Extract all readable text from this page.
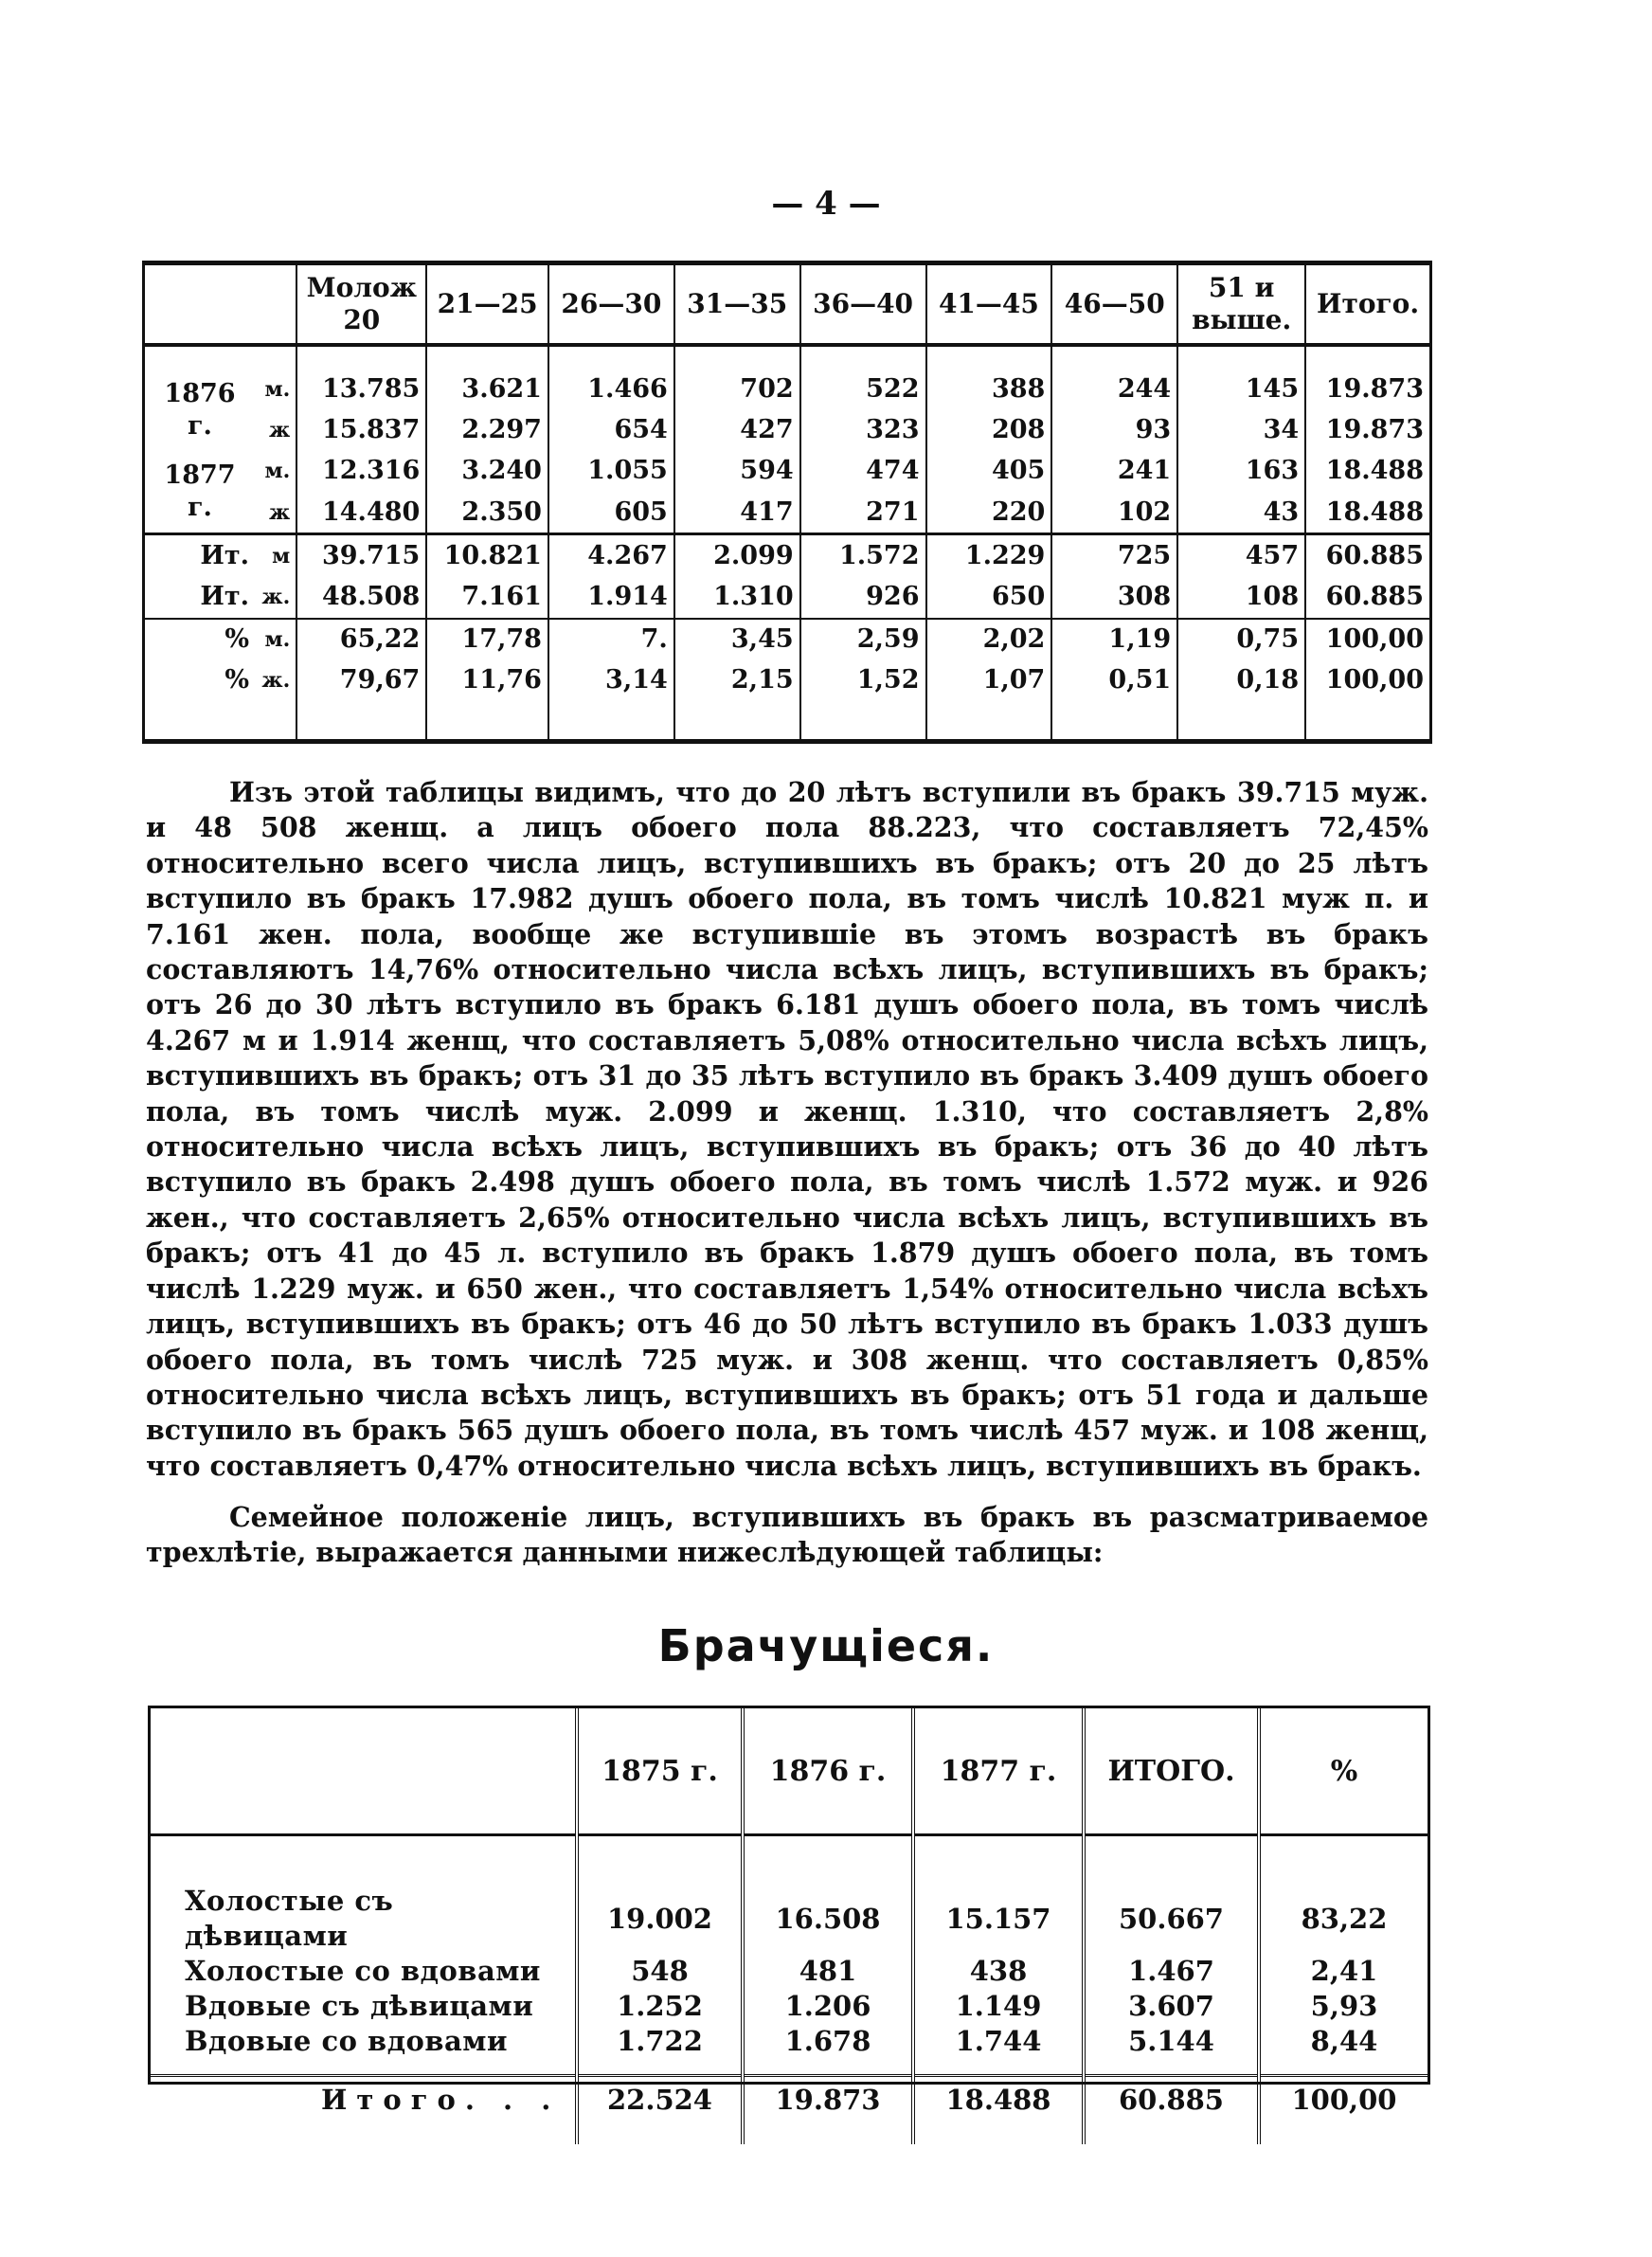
— 4 —
		Молож 20	21—25	26—30	31—35	36—40	41—45	46—50	51 и выше.	Итого.

1876 г.	м.	13.785	3.621	1.466	702	522	388	244	145	19.873
	ж	15.837	2.297	654	427	323	208	93	34	19.873
1877 г.	м.	12.316	3.240	1.055	594	474	405	241	163	18.488
	ж	14.480	2.350	605	417	271	220	102	43	18.488
Ит.	м	39.715	10.821	4.267	2.099	1.572	1.229	725	457	60.885
Ит.	ж.	48.508	7.161	1.914	1.310	926	650	308	108	60.885
%	м.	65,22	17,78	7.	3,45	2,59	2,02	1,19	0,75	100,00
%	ж.	79,67	11,76	3,14	2,15	1,52	1,07	0,51	0,18	100,00

Изъ этой таблицы видимъ, что до 20 лѣтъ вступили въ бракъ 39.715 муж. и 48 508 женщ. а лицъ обоего пола 88.223, что составляетъ 72,45% относительно всего числа лицъ, вступившихъ въ бракъ; отъ 20 до 25 лѣтъ вступило въ бракъ 17.982 душъ обоего пола, въ томъ числѣ 10.821 муж п. и 7.161 жен. пола, вообще же вступившіе въ этомъ возрастѣ въ бракъ составляютъ 14,76% относительно числа всѣхъ лицъ, вступившихъ въ бракъ; отъ 26 до 30 лѣтъ вступило въ бракъ 6.181 душъ обоего пола, въ томъ числѣ 4.267 м и 1.914 женщ, что составляетъ 5,08% относительно числа всѣхъ лицъ, вступившихъ въ бракъ; отъ 31 до 35 лѣтъ вступило въ бракъ 3.409 душъ обоего пола, въ томъ числѣ муж. 2.099 и женщ. 1.310, что составляетъ 2,8% относительно числа всѣхъ лицъ, вступившихъ въ бракъ; отъ 36 до 40 лѣтъ вступило въ бракъ 2.498 душъ обоего пола, въ томъ числѣ 1.572 муж. и 926 жен., что составляетъ 2,65% относительно числа всѣхъ лицъ, вступившихъ въ бракъ; отъ 41 до 45 л. вступило въ бракъ 1.879 душъ обоего пола, въ томъ числѣ 1.229 муж. и 650 жен., что составляетъ 1,54% относительно числа всѣхъ лицъ, вступившихъ въ бракъ; отъ 46 до 50 лѣтъ вступило въ бракъ 1.033 душъ обоего пола, въ томъ числѣ 725 муж. и 308 женщ. что составляетъ 0,85% относительно числа всѣхъ лицъ, вступившихъ въ бракъ; отъ 51 года и дальше вступило въ бракъ 565 душъ обоего пола, въ томъ числѣ 457 муж. и 108 женщ, что составляетъ 0,47% относительно числа всѣхъ лицъ, вступившихъ въ бракъ.
Семейное положеніе лицъ, вступившихъ въ бракъ въ разсматриваемое трехлѣтіе, выражается данными нижеслѣдующей таблицы:
Брачущіеся.
	1875 г.	1876 г.	1877 г.	ИТОГО.	%
Холостые съ дѣвицами	19.002	16.508	15.157	50.667	83,22
Холостые со вдовами	548	481	438	1.467	2,41
Вдовые съ дѣвицами	1.252	1.206	1.149	3.607	5,93
Вдовые со вдовами	1.722	1.678	1.744	5.144	8,44

Итого. . .	22.524	19.873	18.488	60.885	100,00
